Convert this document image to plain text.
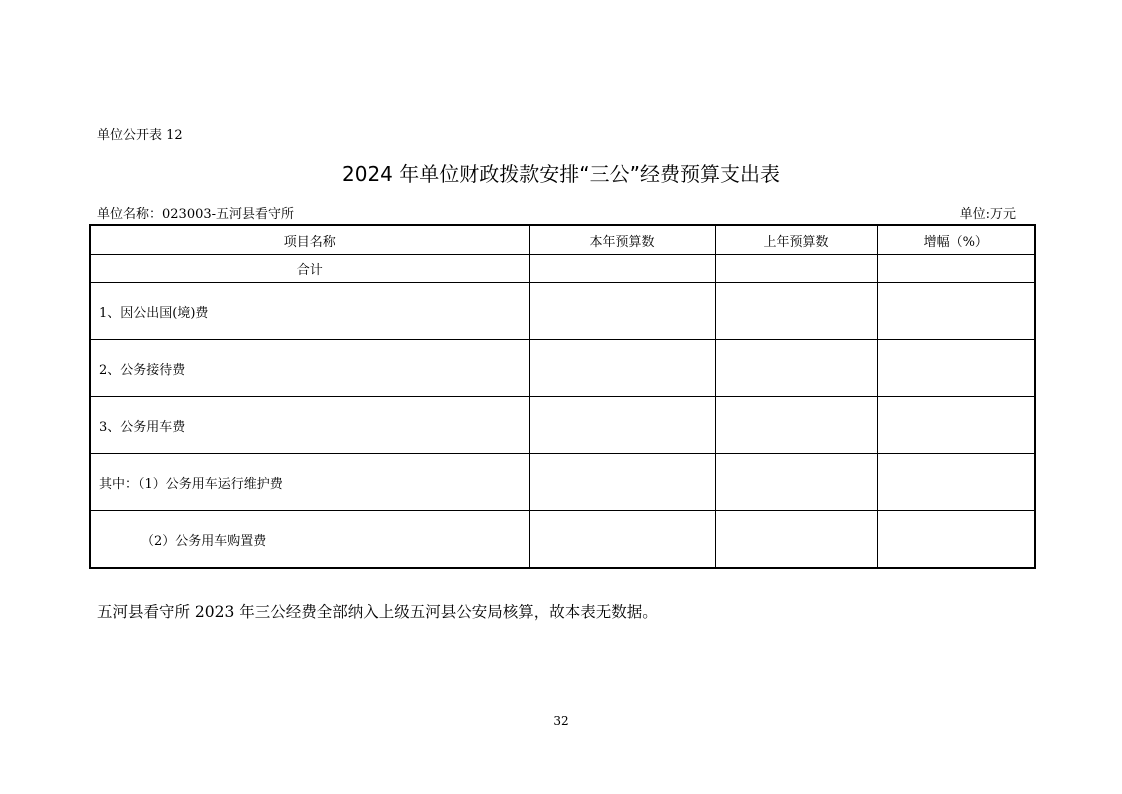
单位公开表 12
2024 年单位财政拨款安排“三公”经费预算支出表
单位名称：023003-五河县看守所	单位:万元
项目名称	本年预算数	上年预算数	增幅（%）
合计			
1、因公出国(境)费			
2、公务接待费			
3、公务用车费			
其中：（1）公务用车运行维护费			
（2）公务用车购置费			
五河县看守所 2023 年三公经费全部纳入上级五河县公安局核算，故本表无数据。
32
